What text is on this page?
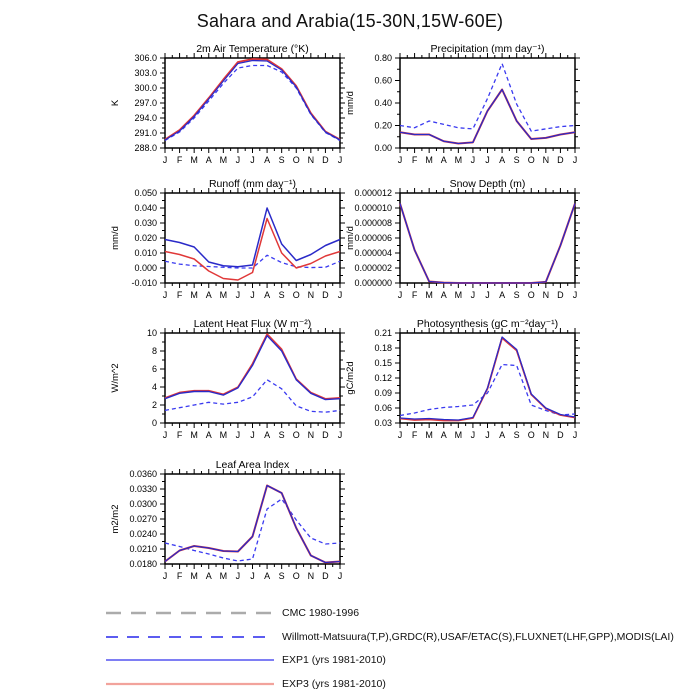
Sahara and Arabia(15-30N,15W-60E)
2m Air Temperature (°K)
K
J F M A M J J A S O N D J
306.0
303.0
300.0
297.0
294.0
291.0
288.0
Precipitation (mm day⁻¹)
mm/d
J F M A M J J A S O N D J
0.80
0.60
0.40
0.20
0.00
Runoff (mm day⁻¹)
mm/d
J F M A M J J A S O N D J
0.050
0.040
0.030
0.020
0.010
0.000
-0.010
Snow Depth (m)
mm/d
J F M A M J J A S O N D J
0.000012
0.000010
0.000008
0.000006
0.000004
0.000002
0.000000
Latent Heat Flux (W m⁻²)
W/m^2
J F M A M J J A S O N D J
10
8
6
4
2
0
Photosynthesis (gC m⁻²day⁻¹)
gC/m2d
J F M A M J J A S O N D J
0.21
0.18
0.15
0.12
0.09
0.06
0.03
Leaf Area Index
m2/m2
J F M A M J J A S O N D J
0.0360
0.0330
0.0300
0.0270
0.0240
0.0210
0.0180
CMC 1980-1996
Willmott-Matsuura(T,P),GRDC(R),USAF/ETAC(S),FLUXNET(LHF,GPP),MODIS(LAI)
EXP1 (yrs 1981-2010)
EXP3 (yrs 1981-2010)
